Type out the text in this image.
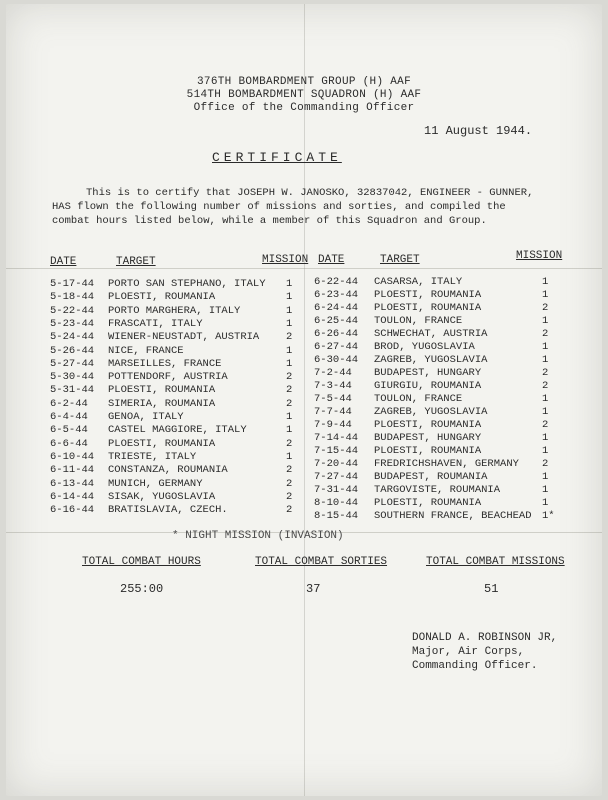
376TH BOMBARDMENT GROUP (H) AAF
514TH BOMBARDMENT SQUADRON (H) AAF
Office of the Commanding Officer
11 August 1944.
CERTIFICATE
This is to certify that JOSEPH W. JANOSKO, 32837042, ENGINEER - GUNNER,
HAS flown the following number of missions and sorties, and compiled the
combat hours listed below, while a member of this Squadron and Group.
DATE	TARGET	MISSION DATE	TARGET	MISSION
5-17-44 PORTO SAN STEPHANO, ITALY 1
5-18-44 PLOESTI, ROUMANIA	1
5-22-44 PORTO MARGHERA, ITALY	1
5-23-44 FRASCATI, ITALY	1
5-24-44 WIENER-NEUSTADT, AUSTRIA	2
5-26-44 NICE, FRANCE	1
5-27-44 MARSEILLES, FRANCE	1
5-30-44 POTTENDORF, AUSTRIA	2
5-31-44 PLOESTI, ROUMANIA	2
6-2-44 SIMERIA, ROUMANIA	2
6-4-44 GENOA, ITALY	1
6-5-44 CASTEL MAGGIORE, ITALY	1
6-6-44 PLOESTI, ROUMANIA	2
6-10-44 TRIESTE, ITALY	1
6-11-44 CONSTANZA, ROUMANIA	2
6-13-44 MUNICH, GERMANY	2
6-14-44 SISAK, YUGOSLAVIA	2
6-16-44 BRATISLAVIA, CZECH.	2
6-22-44 CASARSA, ITALY	1
6-23-44 PLOESTI, ROUMANIA	1
6-24-44 PLOESTI, ROUMANIA	2
6-25-44 TOULON, FRANCE	1
6-26-44 SCHWECHAT, AUSTRIA	2
6-27-44 BROD, YUGOSLAVIA	1
6-30-44 ZAGREB, YUGOSLAVIA	1
7-2-44 BUDAPEST, HUNGARY	2
7-3-44 GIURGIU, ROUMANIA	2
7-5-44 TOULON, FRANCE	1
7-7-44 ZAGREB, YUGOSLAVIA	1
7-9-44 PLOESTI, ROUMANIA	2
7-14-44 BUDAPEST, HUNGARY	1
7-15-44 PLOESTI, ROUMANIA	1
7-20-44 FREDRICHSHAVEN, GERMANY 2
7-27-44 BUDAPEST, ROUMANIA	1
7-31-44 TARGOVISTE, ROUMANIA	1
8-10-44 PLOESTI, ROUMANIA	1
8-15-44 SOUTHERN FRANCE, BEACHEAD 1*
* NIGHT MISSION (INVASION)
TOTAL COMBAT HOURS	TOTAL COMBAT SORTIES	TOTAL COMBAT MISSIONS
255:00	37	51
DONALD A. ROBINSON JR,
Major, Air Corps,
Commanding Officer.
